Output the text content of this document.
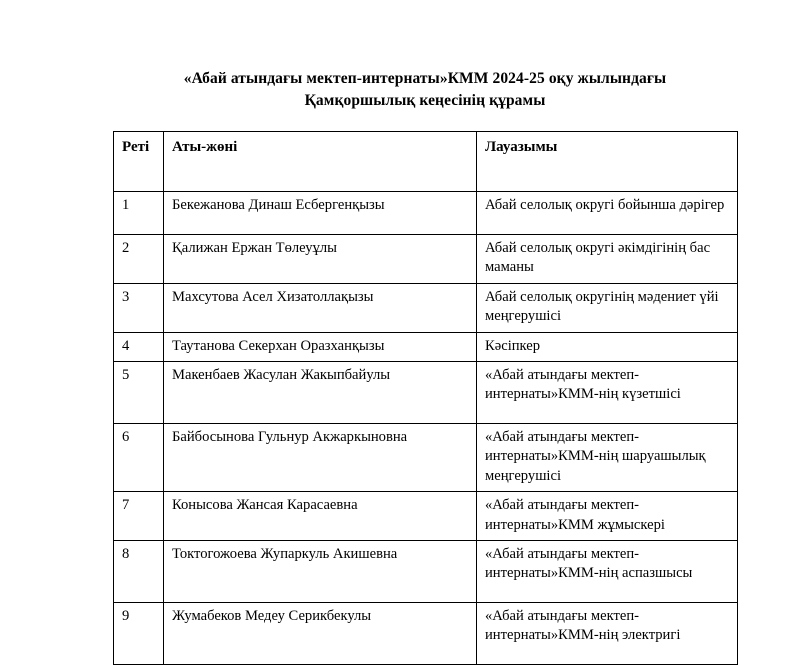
«Абай атындағы мектеп-интернаты»КММ 2024-25 оқу жылындағы
Қамқоршылық кеңесінің құрамы
Реті	Аты-жөні	Лауазымы
1	Бекежанова Динаш Есбергенқызы	Абай селолық округі бойынша дәрігер
2	Қалижан Ержан Төлеуұлы	Абай селолық округі әкімдігінің бас маманы
3	Махсутова Асел Хизатоллақызы	Абай селолық округінің мәдениет үйі меңгерушісі
4	Таутанова Секерхан Оразханқызы	Кәсіпкер
5	Макенбаев Жасулан Жакыпбайулы	«Абай атындағы мектеп-интернаты»КММ-нің күзетшісі
6	Байбосынова Гульнур Акжаркыновна	«Абай атындағы мектеп-интернаты»КММ-нің шаруашылық меңгерушісі
7	Конысова Жансая Карасаевна	«Абай атындағы мектеп-интернаты»КММ жұмыскері
8	Токтогожоева Жупаркуль Акишевна	«Абай атындағы мектеп-интернаты»КММ-нің аспазшысы
9	Жумабеков Медеу Серикбекулы	«Абай атындағы мектеп-интернаты»КММ-нің электригі
